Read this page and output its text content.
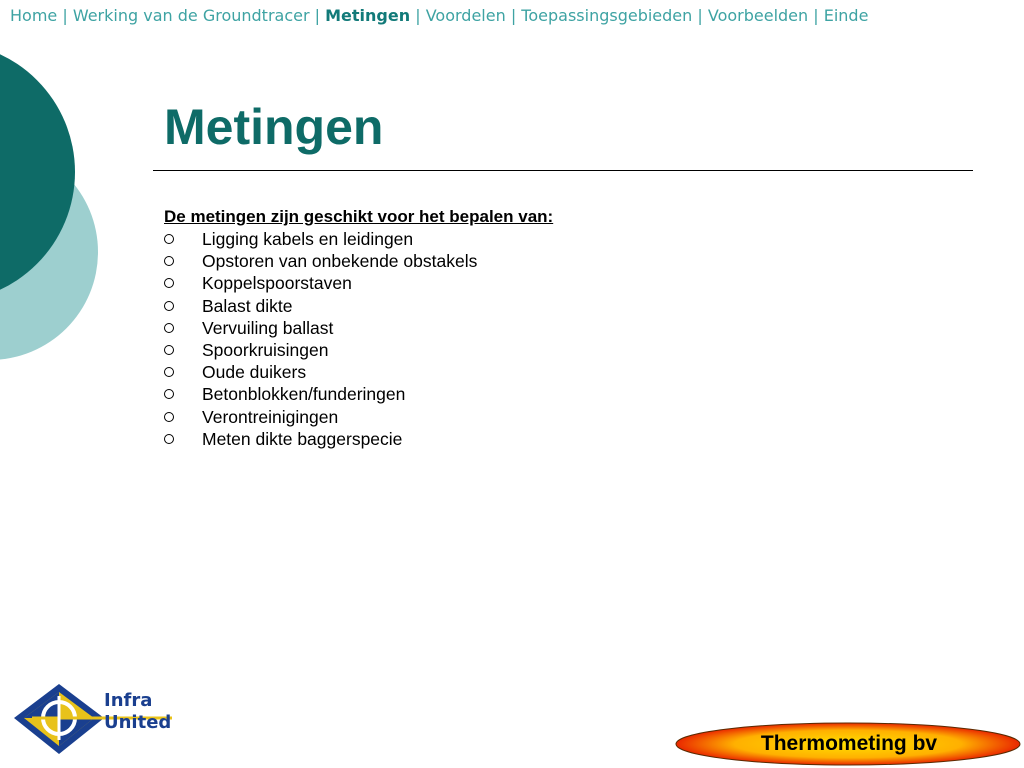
Home | Werking van de Groundtracer | Metingen | Voordelen | Toepassingsgebieden | Voorbeelden | Einde
Metingen
De metingen zijn geschikt voor het bepalen van:
Ligging kabels en leidingen
Opstoren van onbekende obstakels
Koppelspoorstaven
Balast dikte
Vervuiling ballast
Spoorkruisingen
Oude duikers
Betonblokken/funderingen
Verontreinigingen
Meten dikte baggerspecie
Infra
United
Thermometing bv
